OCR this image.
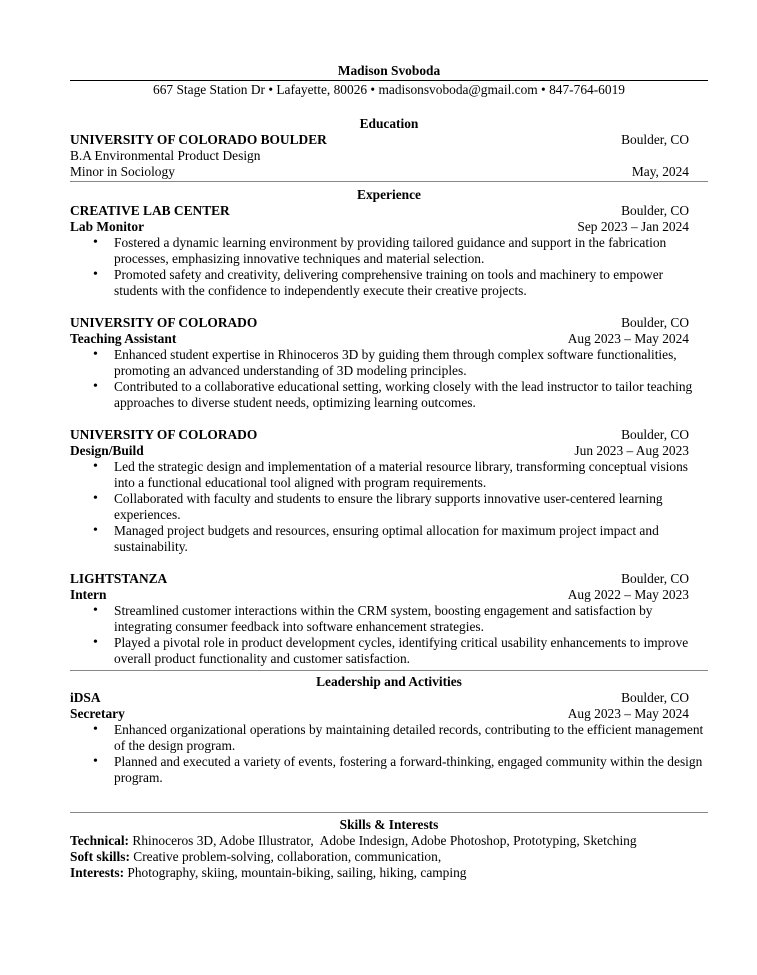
Madison Svoboda
667 Stage Station Dr • Lafayette, 80026 • madisonsvoboda@gmail.com • 847-764-6019
Education
UNIVERSITY OF COLORADO BOULDER	Boulder, CO
B.A Environmental Product Design
Minor in Sociology	May, 2024
Experience
CREATIVE LAB CENTER	Boulder, CO
Lab Monitor	Sep 2023 – Jan 2024
• Fostered a dynamic learning environment by providing tailored guidance and support in the fabrication processes, emphasizing innovative techniques and material selection.
• Promoted safety and creativity, delivering comprehensive training on tools and machinery to empower students with the confidence to independently execute their creative projects.
UNIVERSITY OF COLORADO	Boulder, CO
Teaching Assistant	Aug 2023 – May 2024
• Enhanced student expertise in Rhinoceros 3D by guiding them through complex software functionalities, promoting an advanced understanding of 3D modeling principles.
• Contributed to a collaborative educational setting, working closely with the lead instructor to tailor teaching approaches to diverse student needs, optimizing learning outcomes.
UNIVERSITY OF COLORADO	Boulder, CO
Design/Build	Jun 2023 – Aug 2023
• Led the strategic design and implementation of a material resource library, transforming conceptual visions into a functional educational tool aligned with program requirements.
• Collaborated with faculty and students to ensure the library supports innovative user-centered learning experiences.
• Managed project budgets and resources, ensuring optimal allocation for maximum project impact and sustainability.
LIGHTSTANZA	Boulder, CO
Intern	Aug 2022 – May 2023
• Streamlined customer interactions within the CRM system, boosting engagement and satisfaction by integrating consumer feedback into software enhancement strategies.
• Played a pivotal role in product development cycles, identifying critical usability enhancements to improve overall product functionality and customer satisfaction.
Leadership and Activities
iDSA	Boulder, CO
Secretary	Aug 2023 – May 2024
• Enhanced organizational operations by maintaining detailed records, contributing to the efficient management of the design program.
• Planned and executed a variety of events, fostering a forward-thinking, engaged community within the design program.
Skills & Interests
Technical: Rhinoceros 3D, Adobe Illustrator,  Adobe Indesign, Adobe Photoshop, Prototyping, Sketching
Soft skills: Creative problem-solving, collaboration, communication,
Interests: Photography, skiing, mountain-biking, sailing, hiking, camping
